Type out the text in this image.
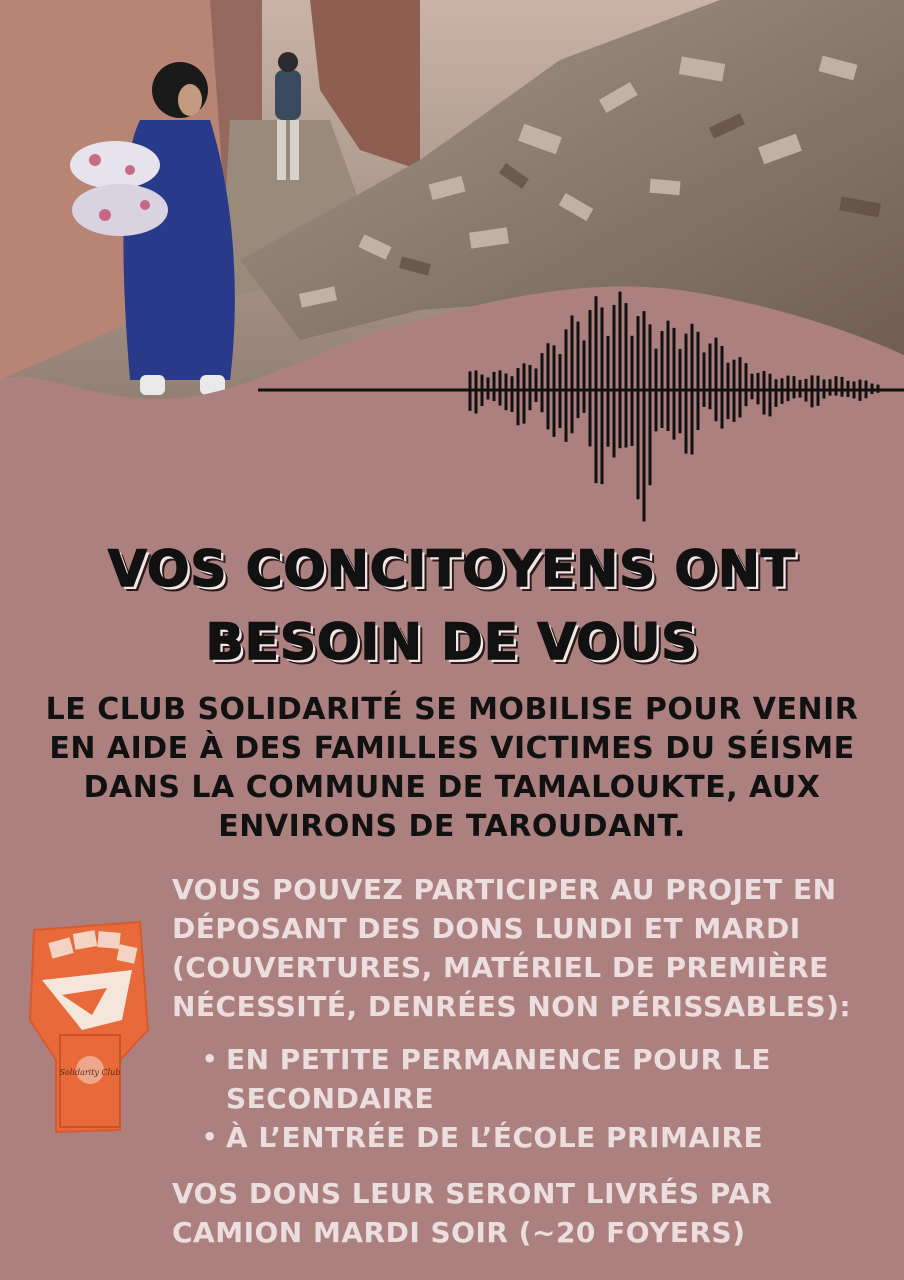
VOS CONCITOYENS ONT
BESOIN DE VOUS
LE CLUB SOLIDARITÉ SE MOBILISE POUR VENIR
EN AIDE À DES FAMILLES VICTIMES DU SÉISME
DANS LA COMMUNE DE TAMALOUKTE, AUX
ENVIRONS DE TAROUDANT.
Solidarity Club
VOUS POUVEZ PARTICIPER AU PROJET EN
DÉPOSANT DES DONS LUNDI ET MARDI
(COUVERTURES, MATÉRIEL DE PREMIÈRE
NÉCESSITÉ, DENRÉES NON PÉRISSABLES):
• EN PETITE PERMANENCE POUR LE
SECONDAIRE
• À L’ENTRÉE DE L’ÉCOLE PRIMAIRE
VOS DONS LEUR SERONT LIVRÉS PAR
CAMION MARDI SOIR (~20 FOYERS)
